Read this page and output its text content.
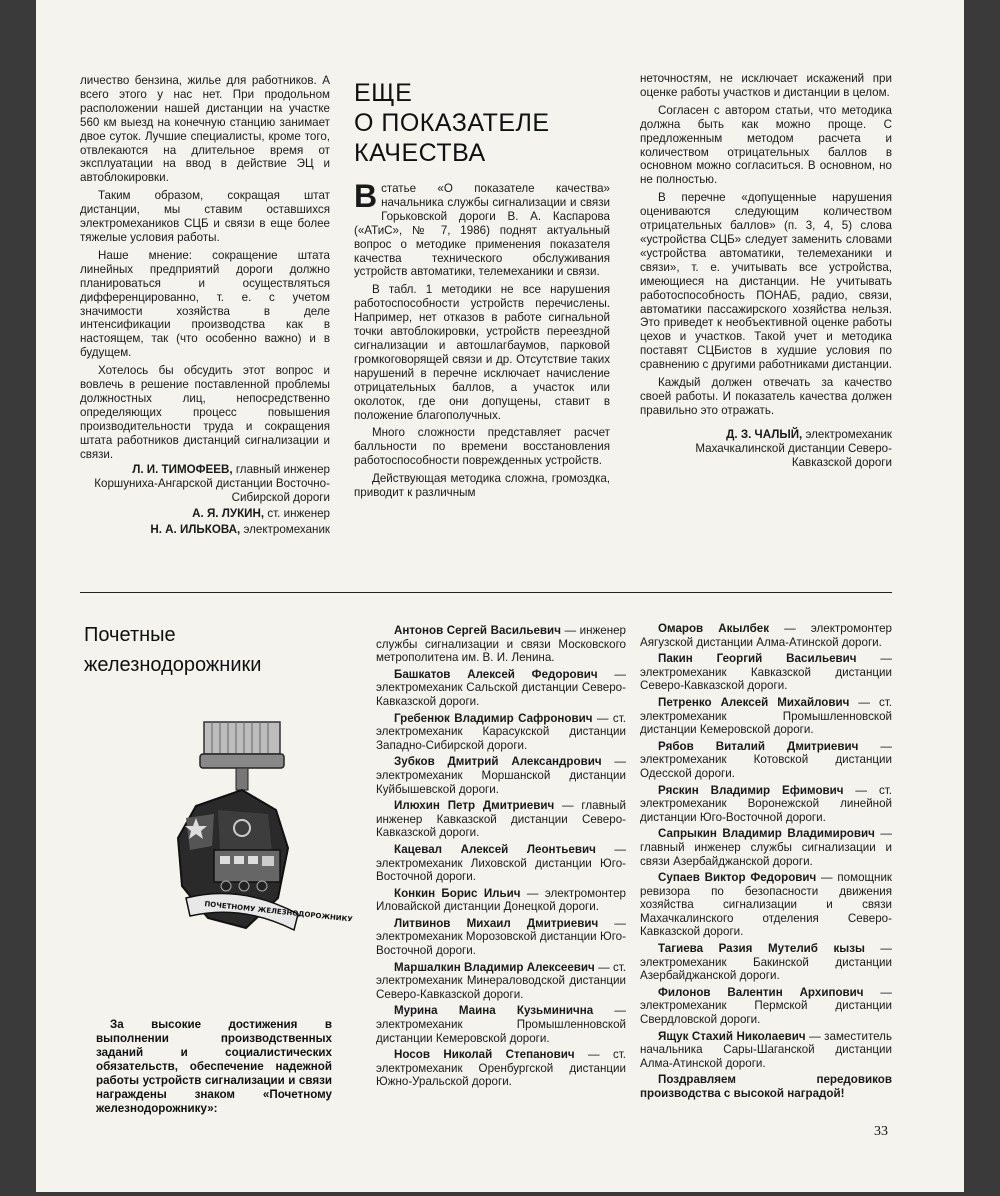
личество бензина, жилье для работников. А всего этого у нас нет. При продольном расположении нашей дистанции на участке 560 км выезд на конечную станцию занимает двое суток. Лучшие специалисты, кроме того, отвлекаются на длительное время от эксплуатации на ввод в действие ЭЦ и автоблокировки.

Таким образом, сокращая штат дистанции, мы ставим оставшихся электромехаников СЦБ и связи в еще более тяжелые условия работы.

Наше мнение: сокращение штата линейных предприятий дороги должно планироваться и осуществляться дифференцированно, т. е. с учетом значимости хозяйства в деле интенсификации производства как в настоящем, так (что особенно важно) и в будущем.

Хотелось бы обсудить этот вопрос и вовлечь в решение поставленной проблемы должностных лиц, непосредственно определяющих процесс повышения производительности труда и сокращения штата работников дистанций сигнализации и связи.

Л. И. ТИМОФЕЕВ, главный инженер Коршуниха-Ангарской дистанции Восточно-Сибирской дороги
А. Я. ЛУКИН, ст. инженер
Н. А. ИЛЬКОВА, электромеханик
ЕЩЕ
О ПОКАЗАТЕЛЕ
КАЧЕСТВА

Встатье «О показателе качества» начальника службы сигнализации и связи Горьковской дороги В. А. Каспарова («АТиС», № 7, 1986) поднят актуальный вопрос о методике применения показателя качества технического обслуживания устройств автоматики, телемеханики и связи.

В табл. 1 методики не все нарушения работоспособности устройств перечислены. Например, нет отказов в работе сигнальной точки автоблокировки, устройств переездной сигнализации и автошлагбаумов, парковой громкоговорящей связи и др. Отсутствие таких нарушений в перечне исключает начисление отрицательных баллов, а участок или околоток, где они допущены, ставит в положение благополучных.

Много сложности представляет расчет балльности по времени восстановления работоспособности поврежденных устройств.

Действующая методика сложна, громоздка, приводит к различным

неточностям, не исключает искажений при оценке работы участков и дистанции в целом.

Согласен с автором статьи, что методика должна быть как можно проще. С предложенным методом расчета и количеством отрицательных баллов в основном можно согласиться. В основном, но не полностью.

В перечне «допущенные нарушения оцениваются следующим количеством отрицательных баллов» (п. 3, 4, 5) слова «устройства СЦБ» следует заменить словами «устройства автоматики, телемеханики и связи», т. е. учитывать все устройства, имеющиеся на дистанции. Не учитывать работоспособность ПОНАБ, радио, связи, автоматики пассажирского хозяйства нельзя. Это приведет к необъективной оценке работы цехов и участков. Такой учет и методика поставят СЦБистов в худшие условия по сравнению с другими работниками дистанции.

Каждый должен отвечать за качество своей работы. И показатель качества должен правильно это отражать.

Д. З. ЧАЛЫЙ, электромеханик Махачкалинской дистанции Северо-Кавказской дороги
Почетные
железнодорожники
ПОЧЕТНОМУ ЖЕЛЕЗНОДОРОЖНИКУ
За высокие достижения в выполнении производственных заданий и социалистических обязательств, обеспечение надежной работы устройств сигнализации и связи награждены знаком «Почетному железнодорожнику»:
Антонов Сергей Васильевич — инженер службы сигнализации и связи Московского метрополитена им. В. И. Ленина.
Башкатов Алексей Федорович — электромеханик Сальской дистанции Северо-Кавказской дороги.
Гребенюк Владимир Сафронович — ст. электромеханик Карасукской дистанции Западно-Сибирской дороги.
Зубков Дмитрий Александрович — электромеханик Моршанской дистанции Куйбышевской дороги.
Илюхин Петр Дмитриевич — главный инженер Кавказской дистанции Северо-Кавказской дороги.
Кацевал Алексей Леонтьевич — электромеханик Лиховской дистанции Юго-Восточной дороги.
Конкин Борис Ильич — электромонтер Иловайской дистанции Донецкой дороги.
Литвинов Михаил Дмитриевич — электромеханик Морозовской дистанции Юго-Восточной дороги.
Маршалкин Владимир Алексеевич — ст. электромеханик Минераловодской дистанции Северо-Кавказской дороги.
Мурина Маина Кузьминична — электромеханик Промышленновской дистанции Кемеровской дороги.
Носов Николай Степанович — ст. электромеханик Оренбургской дистанции Южно-Уральской дороги.
Омаров Акылбек — электромонтер Аягузской дистанции Алма-Атинской дороги.
Пакин Георгий Васильевич — электромеханик Кавказской дистанции Северо-Кавказской дороги.
Петренко Алексей Михайлович — ст. электромеханик Промышленновской дистанции Кемеровской дороги.
Рябов Виталий Дмитриевич — электромеханик Котовской дистанции Одесской дороги.
Ряскин Владимир Ефимович — ст. электромеханик Воронежской линейной дистанции Юго-Восточной дороги.
Сапрыкин Владимир Владимирович — главный инженер службы сигнализации и связи Азербайджанской дороги.
Супаев Виктор Федорович — помощник ревизора по безопасности движения хозяйства сигнализации и связи Махачкалинского отделения Северо-Кавказской дороги.
Тагиева Разия Мутелиб кызы — электромеханик Бакинской дистанции Азербайджанской дороги.
Филонов Валентин Архипович — электромеханик Пермской дистанции Свердловской дороги.
Ящук Стахий Николаевич — заместитель начальника Сары-Шаганской дистанции Алма-Атинской дороги.
Поздравляем передовиков производства с высокой наградой!
33
